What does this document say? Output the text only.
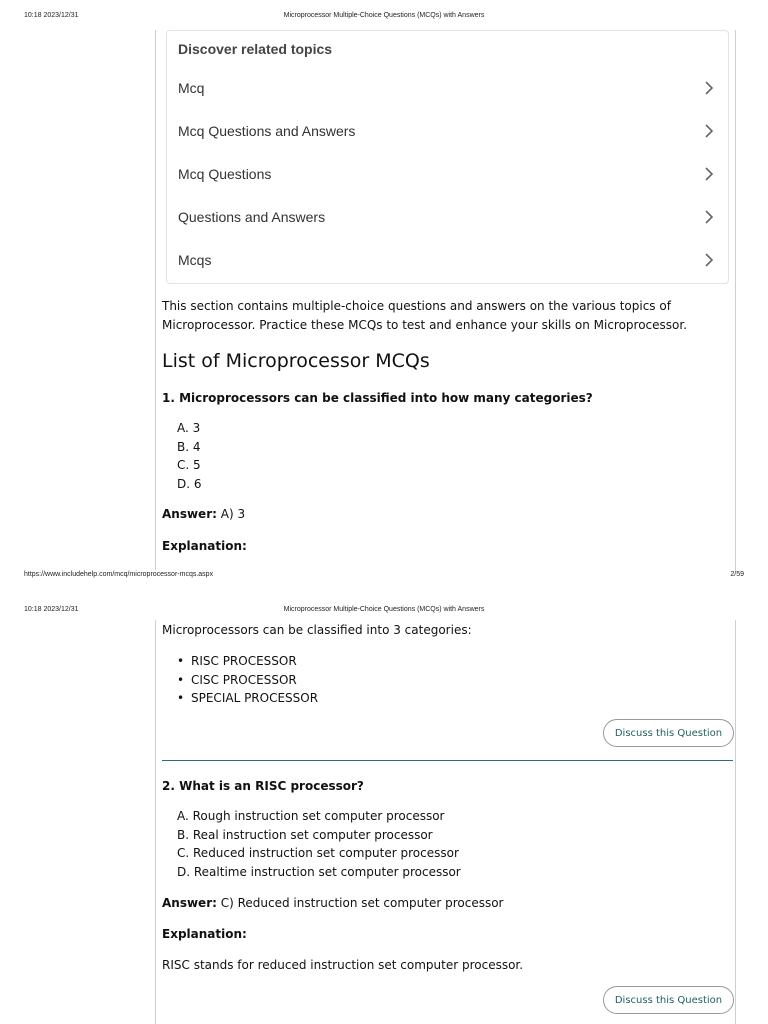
‎10:18 2023/12/31	Microprocessor Multiple-Choice Questions (MCQs) with Answers
Discover related topics
Mcq
Mcq Questions and Answers
Mcq Questions
Questions and Answers
Mcqs
This section contains multiple-choice questions and answers on the various topics of Microprocessor. Practice these MCQs to test and enhance your skills on Microprocessor.
List of Microprocessor MCQs
1. Microprocessors can be classified into how many categories?
A. 3
B. 4
C. 5
D. 6
Answer: A) 3
Explanation:
https://www.includehelp.com/mcq/microprocessor-mcqs.aspx	2/59
‎10:18 2023/12/31	Microprocessor Multiple-Choice Questions (MCQs) with Answers
Microprocessors can be classified into 3 categories:
• RISC PROCESSOR
• CISC PROCESSOR
• SPECIAL PROCESSOR
Discuss this Question
2. What is an RISC processor?
A. Rough instruction set computer processor
B. Real instruction set computer processor
C. Reduced instruction set computer processor
D. Realtime instruction set computer processor
Answer: C) Reduced instruction set computer processor
Explanation:
RISC stands for reduced instruction set computer processor.
Discuss this Question
